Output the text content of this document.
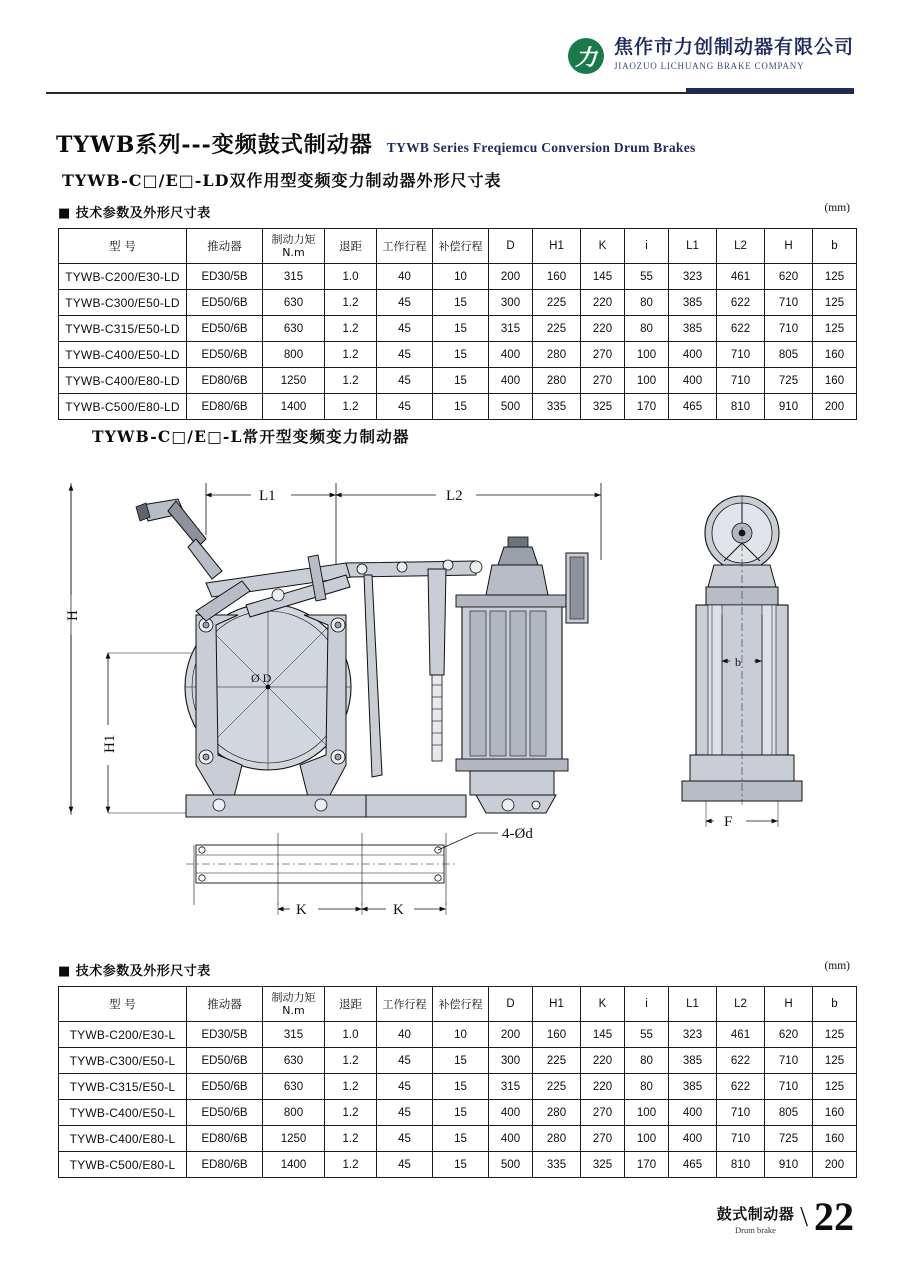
力 焦作市力创制动器有限公司
JIAOZUO LICHUANG BRAKE COMPANY
TYWB系列---变频鼓式制动器 TYWB Series Freqiemcu Conversion Drum Brakes
TYWB-C□/E□-LD双作用型变频变力制动器外形尺寸表
■ 技术参数及外形尺寸表	(mm)
型 号	推动器	制动力矩
N.m	退距	工作行程	补偿行程	D	H1	K	i	L1	L2	H	b
TYWB-C200/E30-LD	ED30/5B	315	1.0	40	10	200	160	145	55	323	461	620	125
TYWB-C300/E50-LD	ED50/6B	630	1.2	45	15	300	225	220	80	385	622	710	125
TYWB-C315/E50-LD	ED50/6B	630	1.2	45	15	315	225	220	80	385	622	710	125
TYWB-C400/E50-LD	ED50/6B	800	1.2	45	15	400	280	270	100	400	710	805	160
TYWB-C400/E80-LD	ED80/6B	1250	1.2	45	15	400	280	270	100	400	710	725	160
TYWB-C500/E80-LD	ED80/6B	1400	1.2	45	15	500	335	325	170	465	810	910	200
TYWB-C□/E□-L常开型变频变力制动器
L1	L2
H
H1
Ø D
K	K
4-Ød
b
F
■ 技术参数及外形尺寸表	(mm)
型 号	推动器	制动力矩
N.m	退距	工作行程	补偿行程	D	H1	K	i	L1	L2	H	b
TYWB-C200/E30-L	ED30/5B	315	1.0	40	10	200	160	145	55	323	461	620	125
TYWB-C300/E50-L	ED50/6B	630	1.2	45	15	300	225	220	80	385	622	710	125
TYWB-C315/E50-L	ED50/6B	630	1.2	45	15	315	225	220	80	385	622	710	125
TYWB-C400/E50-L	ED50/6B	800	1.2	45	15	400	280	270	100	400	710	805	160
TYWB-C400/E80-L	ED80/6B	1250	1.2	45	15	400	280	270	100	400	710	725	160
TYWB-C500/E80-L	ED80/6B	1400	1.2	45	15	500	335	325	170	465	810	910	200
鼓式制动器
Drum brake \ 22
